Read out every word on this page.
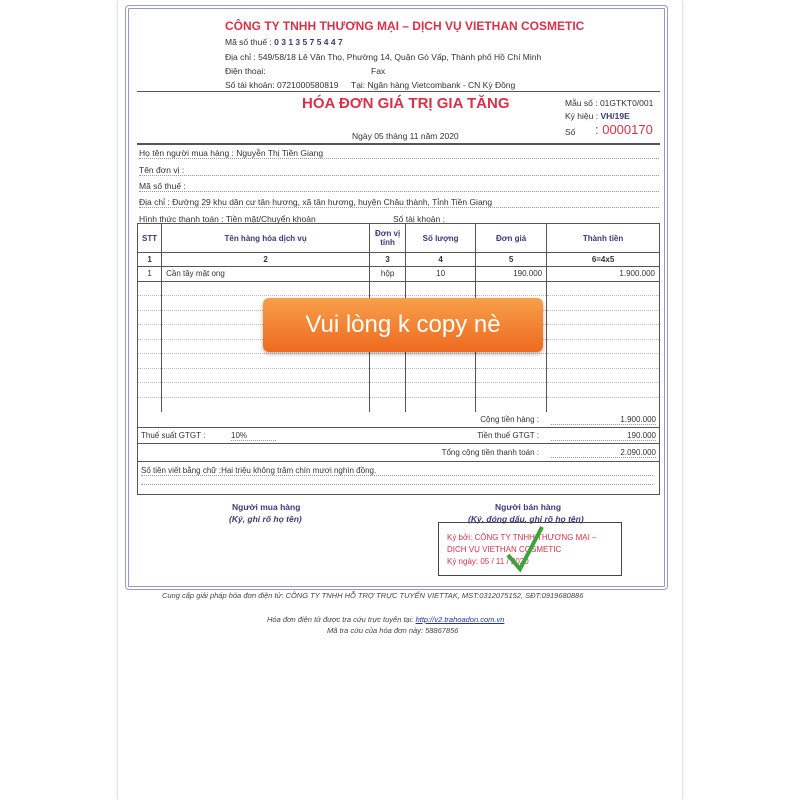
CÔNG TY TNHH THƯƠNG MẠI – DỊCH VỤ VIETHAN COSMETIC
Mã số thuế : 0 3 1 3 5 7 5 4 4 7
Địa chỉ : 549/58/18 Lê Văn Thọ, Phường 14, Quận Gò Vấp, Thành phố Hồ Chí Minh
Điện thoại:	Fax
Số tài khoản: 0721000580819 Tại: Ngân hàng Vietcombank - CN Kỳ Đồng
HÓA ĐƠN GIÁ TRỊ GIA TĂNG	Mẫu số : 01GTKT0/001
Ký hiệu : VH/19E
Số : 0000170
Ngày 05 tháng 11 năm 2020
Họ tên người mua hàng : Nguyễn Thị Tiền Giang
Tên đơn vị :
Mã số thuế :
Địa chỉ : Đường 29 khu dân cư tân hương, xã tân hương, huyện Châu thành, Tỉnh Tiền Giang
Hình thức thanh toán : Tiền mặt/Chuyển khoản	Số tài khoản :
STT	Tên hàng hóa dịch vụ	Đơn vị tính	Số lượng	Đơn giá	Thành tiền
1	2	3	4	5	6=4x5
1	Cần tây mật ong	hộp	10	190.000	1.900.000

Cộng tiền hàng :	1.900.000
Thuế suất GTGT :	10%	Tiền thuế GTGT :	190.000
Tổng cộng tiền thanh toán :	2.090.000
Số tiền viết bằng chữ :Hai triệu không trăm chín mươi nghìn đồng.
Người mua hàng
(Ký, ghi rõ họ tên)
Người bán hàng
(Ký, đóng dấu, ghi rõ họ tên)
Ký bởi: CÔNG TY TNHH THƯƠNG MẠI – DỊCH VỤ VIETHAN COSMETIC
Ký ngày: 05 / 11 / 2020
Vui lòng k copy nè
Cung cấp giải pháp hóa đơn điện tử: CÔNG TY TNHH HỖ TRỢ TRỰC TUYẾN VIETTAK, MST:0312075152, SĐT:0919680886
Hóa đơn điện tử được tra cứu trực tuyến tại: http://v2.trahoadon.com.vn
Mã tra cứu của hóa đơn này: 58867856
